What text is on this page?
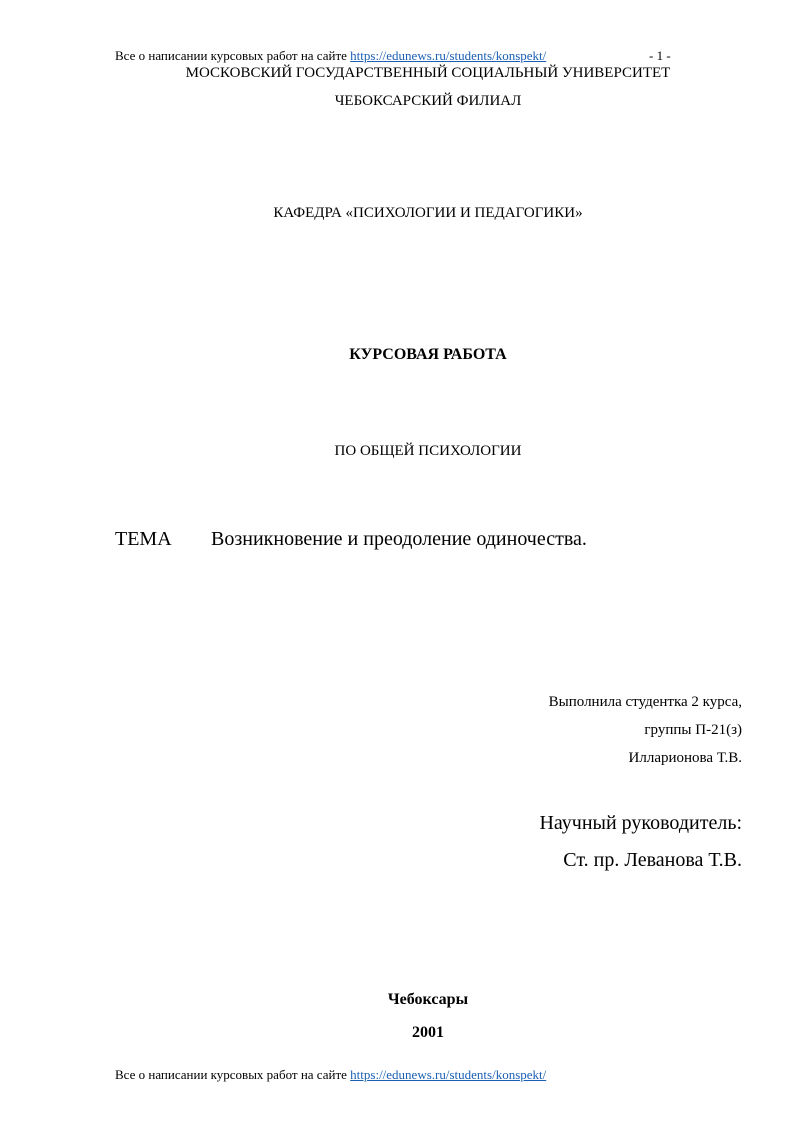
Все о написании курсовых работ на сайте https://edunews.ru/students/konspekt/	- 1 -
МОСКОВСКИЙ ГОСУДАРСТВЕННЫЙ СОЦИАЛЬНЫЙ УНИВЕРСИТЕТ
ЧЕБОКСАРСКИЙ ФИЛИАЛ
КАФЕДРА «ПСИХОЛОГИИ И ПЕДАГОГИКИ»
КУРСОВАЯ РАБОТА
ПО ОБЩЕЙ ПСИХОЛОГИИ
ТЕМА Возникновение и преодоление одиночества.
Выполнила студентка 2 курса,
группы П-21(з)
Илларионова Т.В.
Научный руководитель:
Ст. пр. Леванова Т.В.
Чебоксары
2001
Все о написании курсовых работ на сайте https://edunews.ru/students/konspekt/
